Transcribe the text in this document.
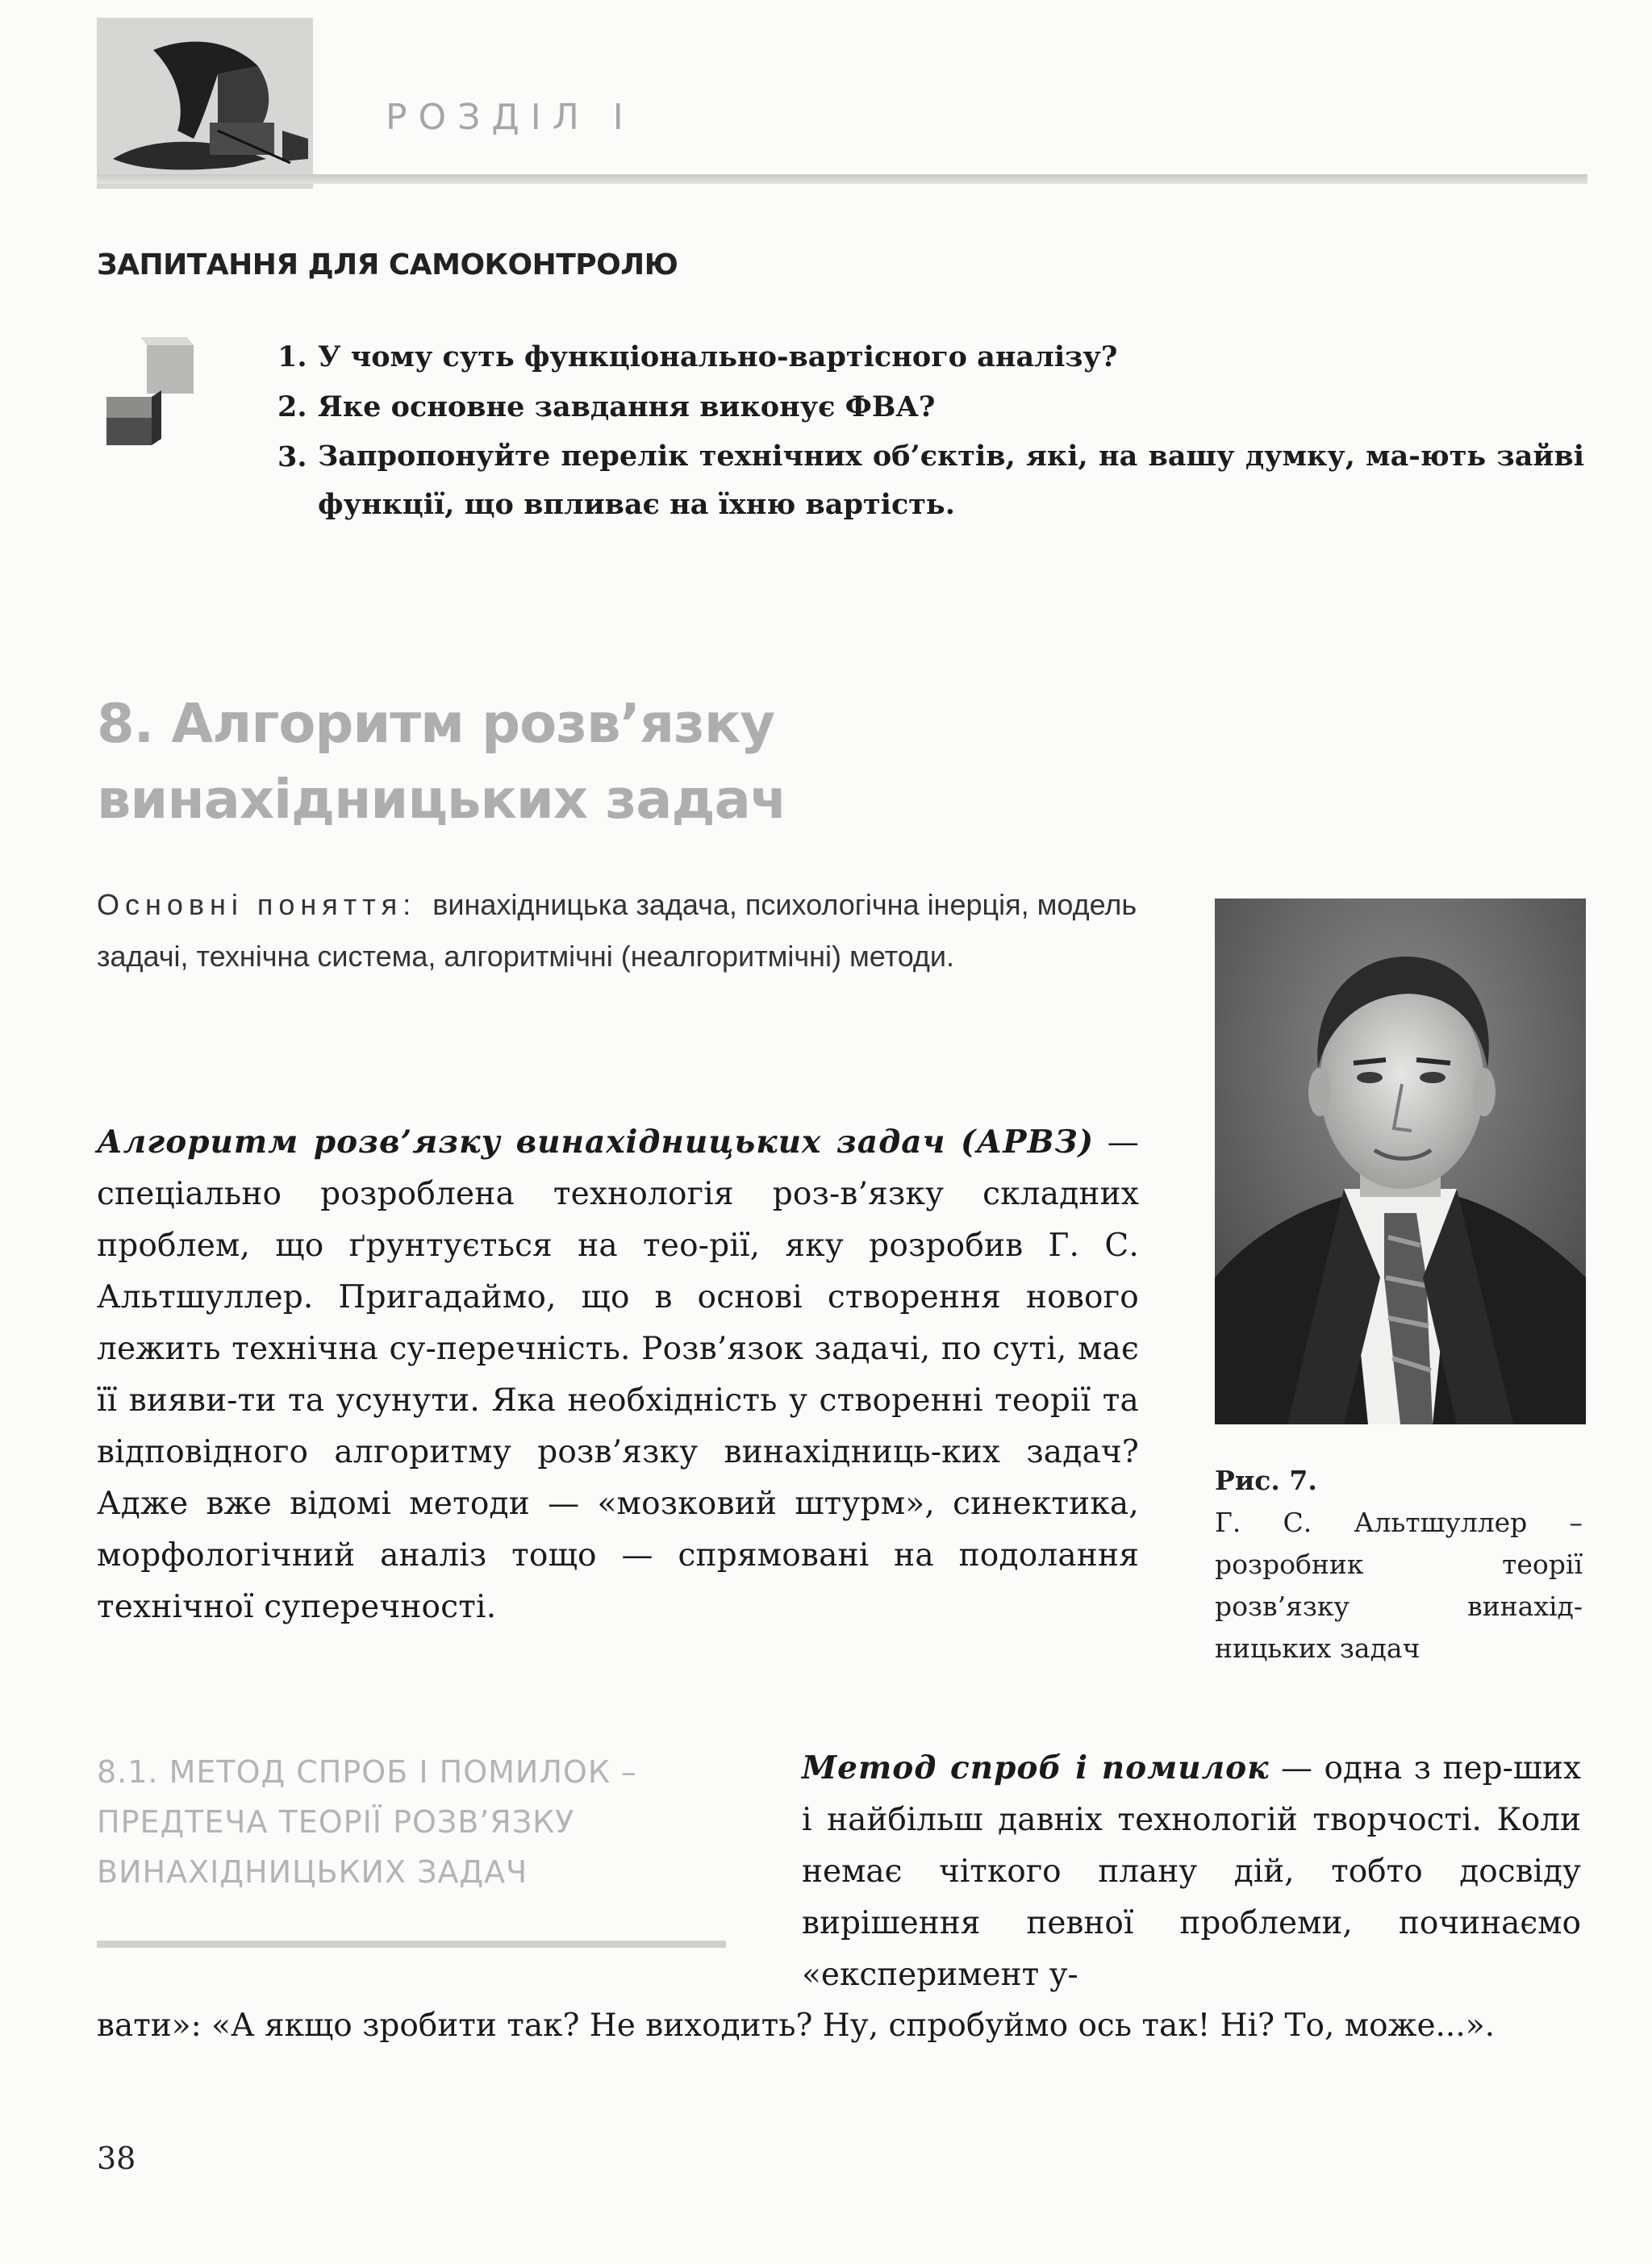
РОЗДІЛ І
ЗАПИТАННЯ ДЛЯ САМОКОНТРОЛЮ
1. У чому суть функціонально-вартісного аналізу?
2. Яке основне завдання виконує ФВА?
3. Запропонуйте перелік технічних об’єктів, які, на вашу думку, ма-ють зайві функції, що впливає на їхню вартість.
8. Алгоритм розв’язку винахідницьких задач
Основні поняття: винахідницька задача, психологічна інерція, модель задачі, технічна система, алгоритмічні (неалгоритмічні) методи.
Рис. 7.
Г. С. Альтшуллер – розробник теорії розв’язку винахід-ницьких задач
Алгоритм розв’язку винахідницьких задач (АРВЗ) — спеціально розроблена технологія роз-в’язку складних проблем, що ґрунтується на тео-рії, яку розробив Г. С. Альтшуллер. Пригадаймо, що в основі створення нового лежить технічна су-перечність. Розв’язок задачі, по суті, має її вияви-ти та усунути. Яка необхідність у створенні теорії та відповідного алгоритму розв’язку винахідниць-ких задач? Адже вже відомі методи — «мозковий штурм», синектика, морфологічний аналіз тощо — спрямовані на подолання технічної суперечності.
8.1. МЕТОД СПРОБ І ПОМИЛОК – ПРЕДТЕЧА ТЕОРІЇ РОЗВ’ЯЗКУ ВИНАХІДНИЦЬКИХ ЗАДАЧ
Метод спроб і помилок — одна з пер-ших і найбільш давніх технологій творчості. Коли немає чіткого плану дій, тобто досвіду вирішення певної проблеми, починаємо «експеримент у-
вати»: «А якщо зробити так? Не виходить? Ну, спробуймо ось так! Ні? То, може...».
38
